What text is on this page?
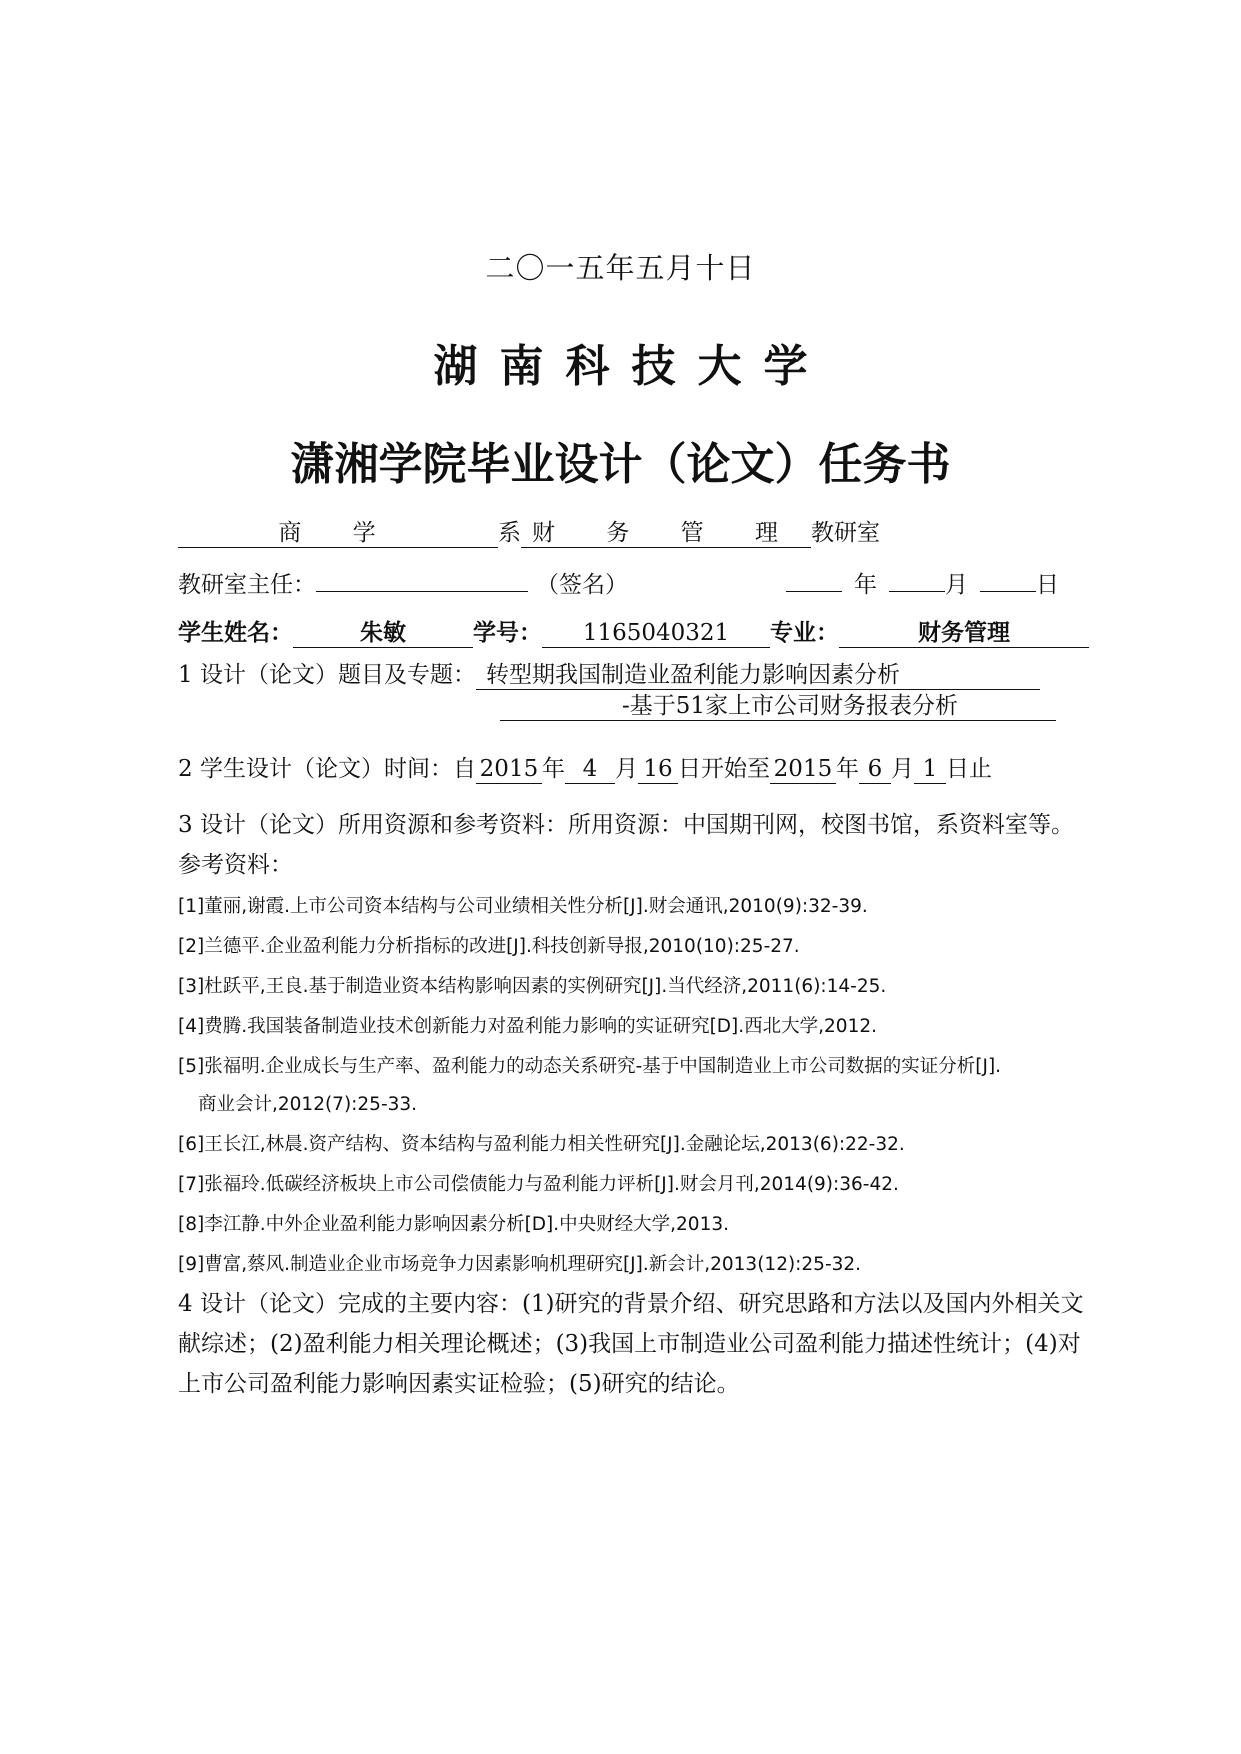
二〇一五年五月十日
湖南科技大学
潇湘学院毕业设计（论文）任务书
商 学	系 财 务 管 理 教研室
教研室主任：	（签名）	年	月	日
学生姓名：	朱敏	学号： 1165040321 专业：	财务管理
1 设计（论文）题目及专题： 转型期我国制造业盈利能力影响因素分析
-基于51家上市公司财务报表分析
2 学生设计（论文）时间：自 2015 年 4 月 16 日开始至 2015 年 6 月 1 日止
3 设计（论文）所用资源和参考资料：所用资源：中国期刊网，校图书馆，系资料室等。
参考资料：
[1]董丽,谢霞.上市公司资本结构与公司业绩相关性分析[J].财会通讯,2010(9):32-39.
[2]兰德平.企业盈利能力分析指标的改进[J].科技创新导报,2010(10):25-27.
[3]杜跃平,王良.基于制造业资本结构影响因素的实例研究[J].当代经济,2011(6):14-25.
[4]费腾.我国装备制造业技术创新能力对盈利能力影响的实证研究[D].西北大学,2012.
[5]张福明.企业成长与生产率、盈利能力的动态关系研究-基于中国制造业上市公司数据的实证分析[J].
商业会计,2012(7):25-33.
[6]王长江,林晨.资产结构、资本结构与盈利能力相关性研究[J].金融论坛,2013(6):22-32.
[7]张福玲.低碳经济板块上市公司偿债能力与盈利能力评析[J].财会月刊,2014(9):36-42.
[8]李江静.中外企业盈利能力影响因素分析[D].中央财经大学,2013.
[9]曹富,蔡风.制造业企业市场竞争力因素影响机理研究[J].新会计,2013(12):25-32.
4 设计（论文）完成的主要内容：(1)研究的背景介绍、研究思路和方法以及国内外相关文
献综述；(2)盈利能力相关理论概述；(3)我国上市制造业公司盈利能力描述性统计；(4)对
上市公司盈利能力影响因素实证检验；(5)研究的结论。
